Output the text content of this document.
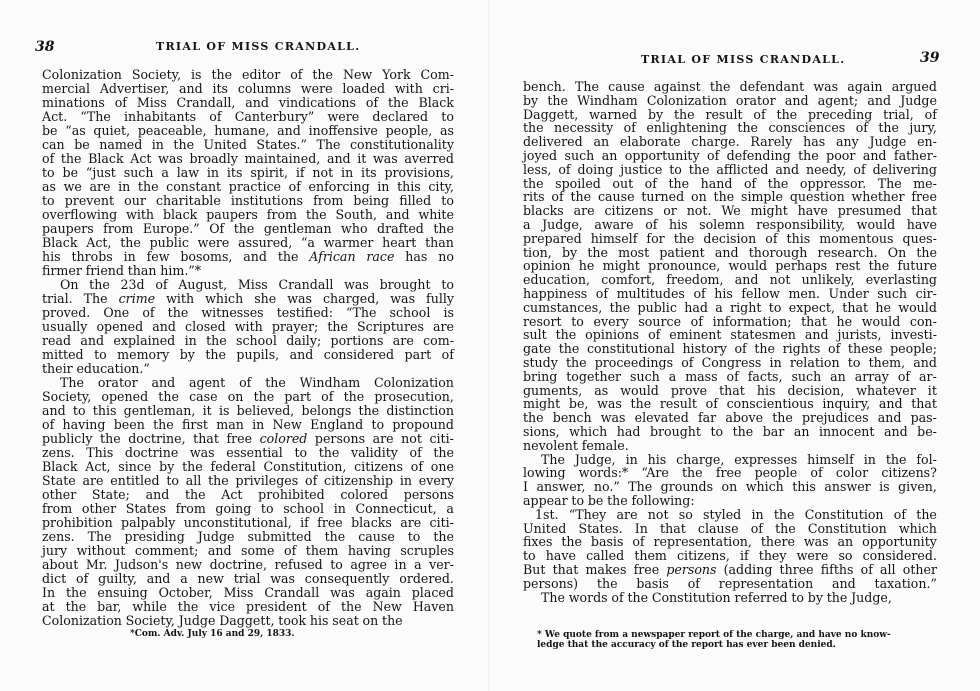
38	TRIAL OF MISS CRANDALL.
Colonization Society, is the editor of the New York Com-
mercial Advertiser, and its columns were loaded with cri-
minations of Miss Crandall, and vindications of the Black
Act. “The inhabitants of Canterbury” were declared to
be “as quiet, peaceable, humane, and inoffensive people, as
can be named in the United States.” The constitutionality
of the Black Act was broadly maintained, and it was averred
to be “just such a law in its spirit, if not in its provisions,
as we are in the constant practice of enforcing in this city,
to prevent our charitable institutions from being filled to
overflowing with black paupers from the South, and white
paupers from Europe.” Of the gentleman who drafted the
Black Act, the public were assured, “a warmer heart than
his throbs in few bosoms, and the African race has no
firmer friend than him.”*
On the 23d of August, Miss Crandall was brought to
trial. The crime with which she was charged, was fully
proved. One of the witnesses testified: “The school is
usually opened and closed with prayer; the Scriptures are
read and explained in the school daily; portions are com-
mitted to memory by the pupils, and considered part of
their education.”
The orator and agent of the Windham Colonization
Society, opened the case on the part of the prosecution,
and to this gentleman, it is believed, belongs the distinction
of having been the first man in New England to propound
publicly the doctrine, that free colored persons are not citi-
zens. This doctrine was essential to the validity of the
Black Act, since by the federal Constitution, citizens of one
State are entitled to all the privileges of citizenship in every
other State; and the Act prohibited colored persons
from other States from going to school in Connecticut, a
prohibition palpably unconstitutional, if free blacks are citi-
zens. The presiding Judge submitted the cause to the
jury without comment; and some of them having scruples
about Mr. Judson's new doctrine, refused to agree in a ver-
dict of guilty, and a new trial was consequently ordered.
In the ensuing October, Miss Crandall was again placed
at the bar, while the vice president of the New Haven
Colonization Society, Judge Daggett, took his seat on the
*Com. Adv. July 16 and 29, 1833.
TRIAL OF MISS CRANDALL.	39
bench. The cause against the defendant was again argued
by the Windham Colonization orator and agent; and Judge
Daggett, warned by the result of the preceding trial, of
the necessity of enlightening the consciences of the jury,
delivered an elaborate charge. Rarely has any Judge en-
joyed such an opportunity of defending the poor and father-
less, of doing justice to the afflicted and needy, of delivering
the spoiled out of the hand of the oppressor. The me-
rits of the cause turned on the simple question whether free
blacks are citizens or not. We might have presumed that
a Judge, aware of his solemn responsibility, would have
prepared himself for the decision of this momentous ques-
tion, by the most patient and thorough research. On the
opinion he might pronounce, would perhaps rest the future
education, comfort, freedom, and not unlikely, everlasting
happiness of multitudes of his fellow men. Under such cir-
cumstances, the public had a right to expect, that he would
resort to every source of information; that he would con-
sult the opinions of eminent statesmen and jurists, investi-
gate the constitutional history of the rights of these people;
study the proceedings of Congress in relation to them, and
bring together such a mass of facts, such an array of ar-
guments, as would prove that his decision, whatever it
might be, was the result of conscientious inquiry, and that
the bench was elevated far above the prejudices and pas-
sions, which had brought to the bar an innocent and be-
nevolent female.
The Judge, in his charge, expresses himself in the fol-
lowing words:* “Are the free people of color citizens?
I answer, no.” The grounds on which this answer is given,
appear to be the following:
1st. “They are not so styled in the Constitution of the
United States. In that clause of the Constitution which
fixes the basis of representation, there was an opportunity
to have called them citizens, if they were so considered.
But that makes free persons (adding three fifths of all other
persons) the basis of representation and taxation.”
The words of the Constitution referred to by the Judge,
* We quote from a newspaper report of the charge, and have no know-
ledge that the accuracy of the report has ever been denied.
